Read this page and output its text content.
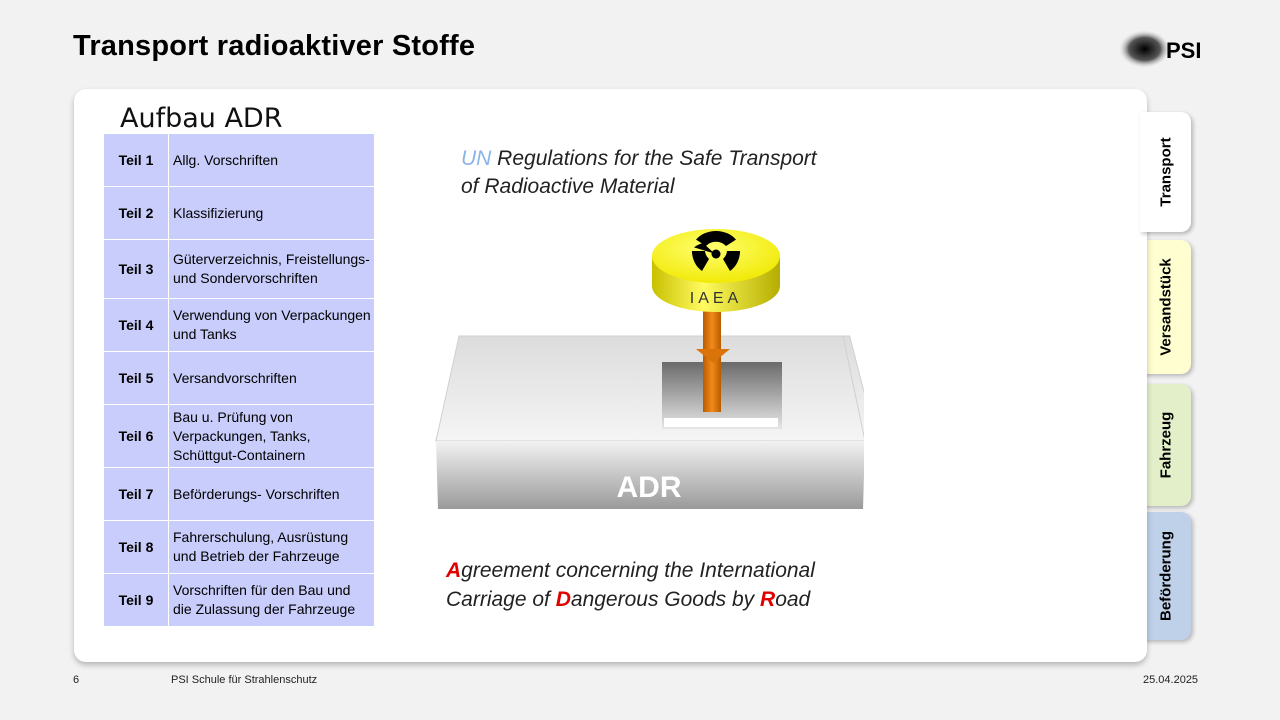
Transport radioaktiver Stoffe	PSI
Transport
Versandstück
Fahrzeug
Beförderung
Aufbau ADR
Teil 1	Allg. Vorschriften
Teil 2	Klassifizierung
Teil 3	Güterverzeichnis, Freistellungs- und Sondervorschriften
Teil 4	Verwendung von Verpackungen und Tanks
Teil 5	Versandvorschriften
Teil 6	Bau u. Prüfung von Verpackungen, Tanks, Schüttgut-Containern
Teil 7	Beförderungs- Vorschriften
Teil 8	Fahrerschulung, Ausrüstung und Betrieb der Fahrzeuge
Teil 9	Vorschriften für den Bau und die Zulassung der Fahrzeuge
UN Regulations for the Safe Transport
of Radioactive Material
ADR
IAEA
Agreement concerning the International
Carriage of Dangerous Goods by Road
6	PSI Schule für Strahlenschutz	25.04.2025
